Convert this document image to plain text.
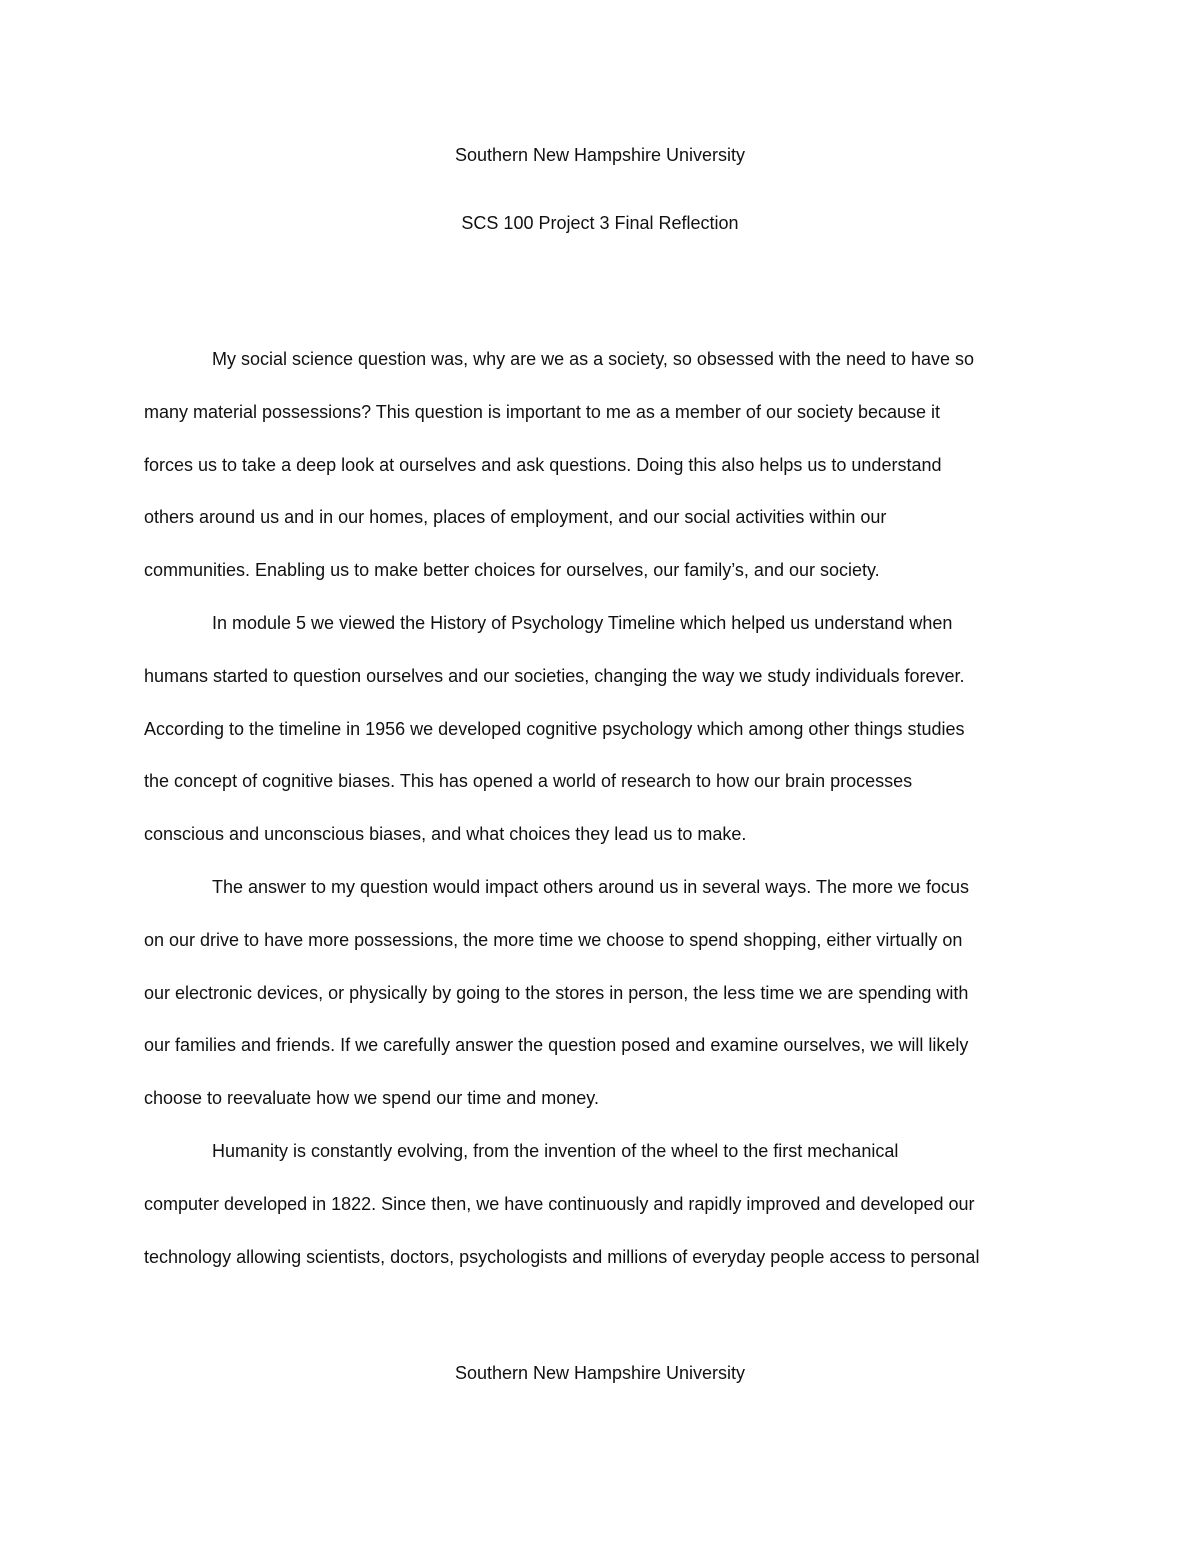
Southern New Hampshire University
SCS 100 Project 3 Final Reflection

My social science question was, why are we as a society, so obsessed with the need to have so
many material possessions? This question is important to me as a member of our society because it
forces us to take a deep look at ourselves and ask questions. Doing this also helps us to understand
others around us and in our homes, places of employment, and our social activities within our
communities. Enabling us to make better choices for ourselves, our family’s, and our society.

In module 5 we viewed the History of Psychology Timeline which helped us understand when
humans started to question ourselves and our societies, changing the way we study individuals forever.
According to the timeline in 1956 we developed cognitive psychology which among other things studies
the concept of cognitive biases. This has opened a world of research to how our brain processes
conscious and unconscious biases, and what choices they lead us to make.

The answer to my question would impact others around us in several ways. The more we focus
on our drive to have more possessions, the more time we choose to spend shopping, either virtually on
our electronic devices, or physically by going to the stores in person, the less time we are spending with
our families and friends. If we carefully answer the question posed and examine ourselves, we will likely
choose to reevaluate how we spend our time and money.

Humanity is constantly evolving, from the invention of the wheel to the first mechanical
computer developed in 1822. Since then, we have continuously and rapidly improved and developed our
technology allowing scientists, doctors, psychologists and millions of everyday people access to personal

Southern New Hampshire University
